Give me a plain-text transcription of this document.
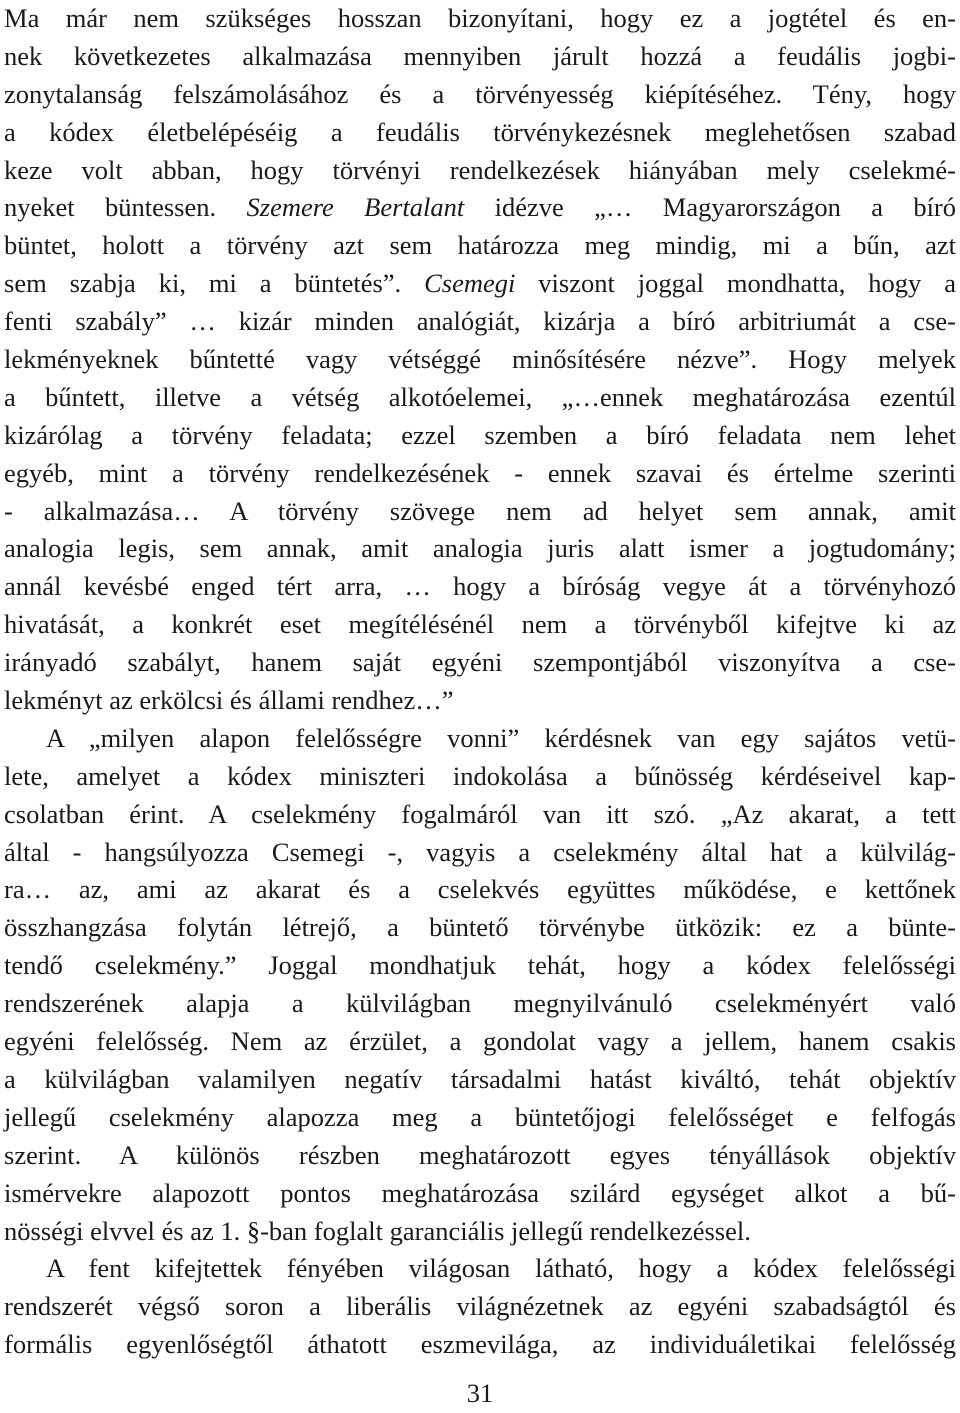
Ma már nem szükséges hosszan bizonyítani, hogy ez a jogtétel és en-
nek következetes alkalmazása mennyiben járult hozzá a feudális jogbi-
zonytalanság felszámolásához és a törvényesség kiépítéséhez. Tény, hogy
a kódex életbelépéséig a feudális törvénykezésnek meglehetősen szabad
keze volt abban, hogy törvényi rendelkezések hiányában mely cselekmé-
nyeket büntessen. Szemere Bertalant idézve „… Magyarországon a bíró
büntet, holott a törvény azt sem határozza meg mindig, mi a bűn, azt
sem szabja ki, mi a büntetés”. Csemegi viszont joggal mondhatta, hogy a
fenti szabály” … kizár minden analógiát, kizárja a bíró arbitriumát a cse-
lekményeknek bűntetté vagy vétséggé minősítésére nézve”. Hogy melyek
a bűntett, illetve a vétség alkotóelemei, „…ennek meghatározása ezentúl
kizárólag a törvény feladata; ezzel szemben a bíró feladata nem lehet
egyéb, mint a törvény rendelkezésének - ennek szavai és értelme szerinti
- alkalmazása… A törvény szövege nem ad helyet sem annak, amit
analogia legis, sem annak, amit analogia juris alatt ismer a jogtudomány;
annál kevésbé enged tért arra, … hogy a bíróság vegye át a törvényhozó
hivatását, a konkrét eset megítélésénél nem a törvényből kifejtve ki az
irányadó szabályt, hanem saját egyéni szempontjából viszonyítva a cse-
lekményt az erkölcsi és állami rendhez…”
A „milyen alapon felelősségre vonni” kérdésnek van egy sajátos vetü-
lete, amelyet a kódex miniszteri indokolása a bűnösség kérdéseivel kap-
csolatban érint. A cselekmény fogalmáról van itt szó. „Az akarat, a tett
által - hangsúlyozza Csemegi -, vagyis a cselekmény által hat a külvilág-
ra… az, ami az akarat és a cselekvés együttes működése, e kettőnek
összhangzása folytán létrejő, a büntető törvénybe ütközik: ez a büntе-
tendő cselekmény.” Joggal mondhatjuk tehát, hogy a kódex felelősségi
rendszerének alapja a külvilágban megnyilvánuló cselekményért való
egyéni felelősség. Nem az érzület, a gondolat vagy a jellem, hanem csakis
a külvilágban valamilyen negatív társadalmi hatást kiváltó, tehát objektív
jellegű cselekmény alapozza meg a büntetőjogi felelősséget e felfogás
szerint. A különös részben meghatározott egyes tényállások objektív
ismérvekre alapozott pontos meghatározása szilárd egységet alkot a bű-
nösségi elvvel és az 1. §-ban foglalt garanciális jellegű rendelkezéssel.
A fent kifejtettek fényében világosan látható, hogy a kódex felelősségi
rendszerét végső soron a liberális világnézetnek az egyéni szabadságtól és
formális egyenlőségtől áthatott eszmevilága, az individuáletikai felelősség
31
